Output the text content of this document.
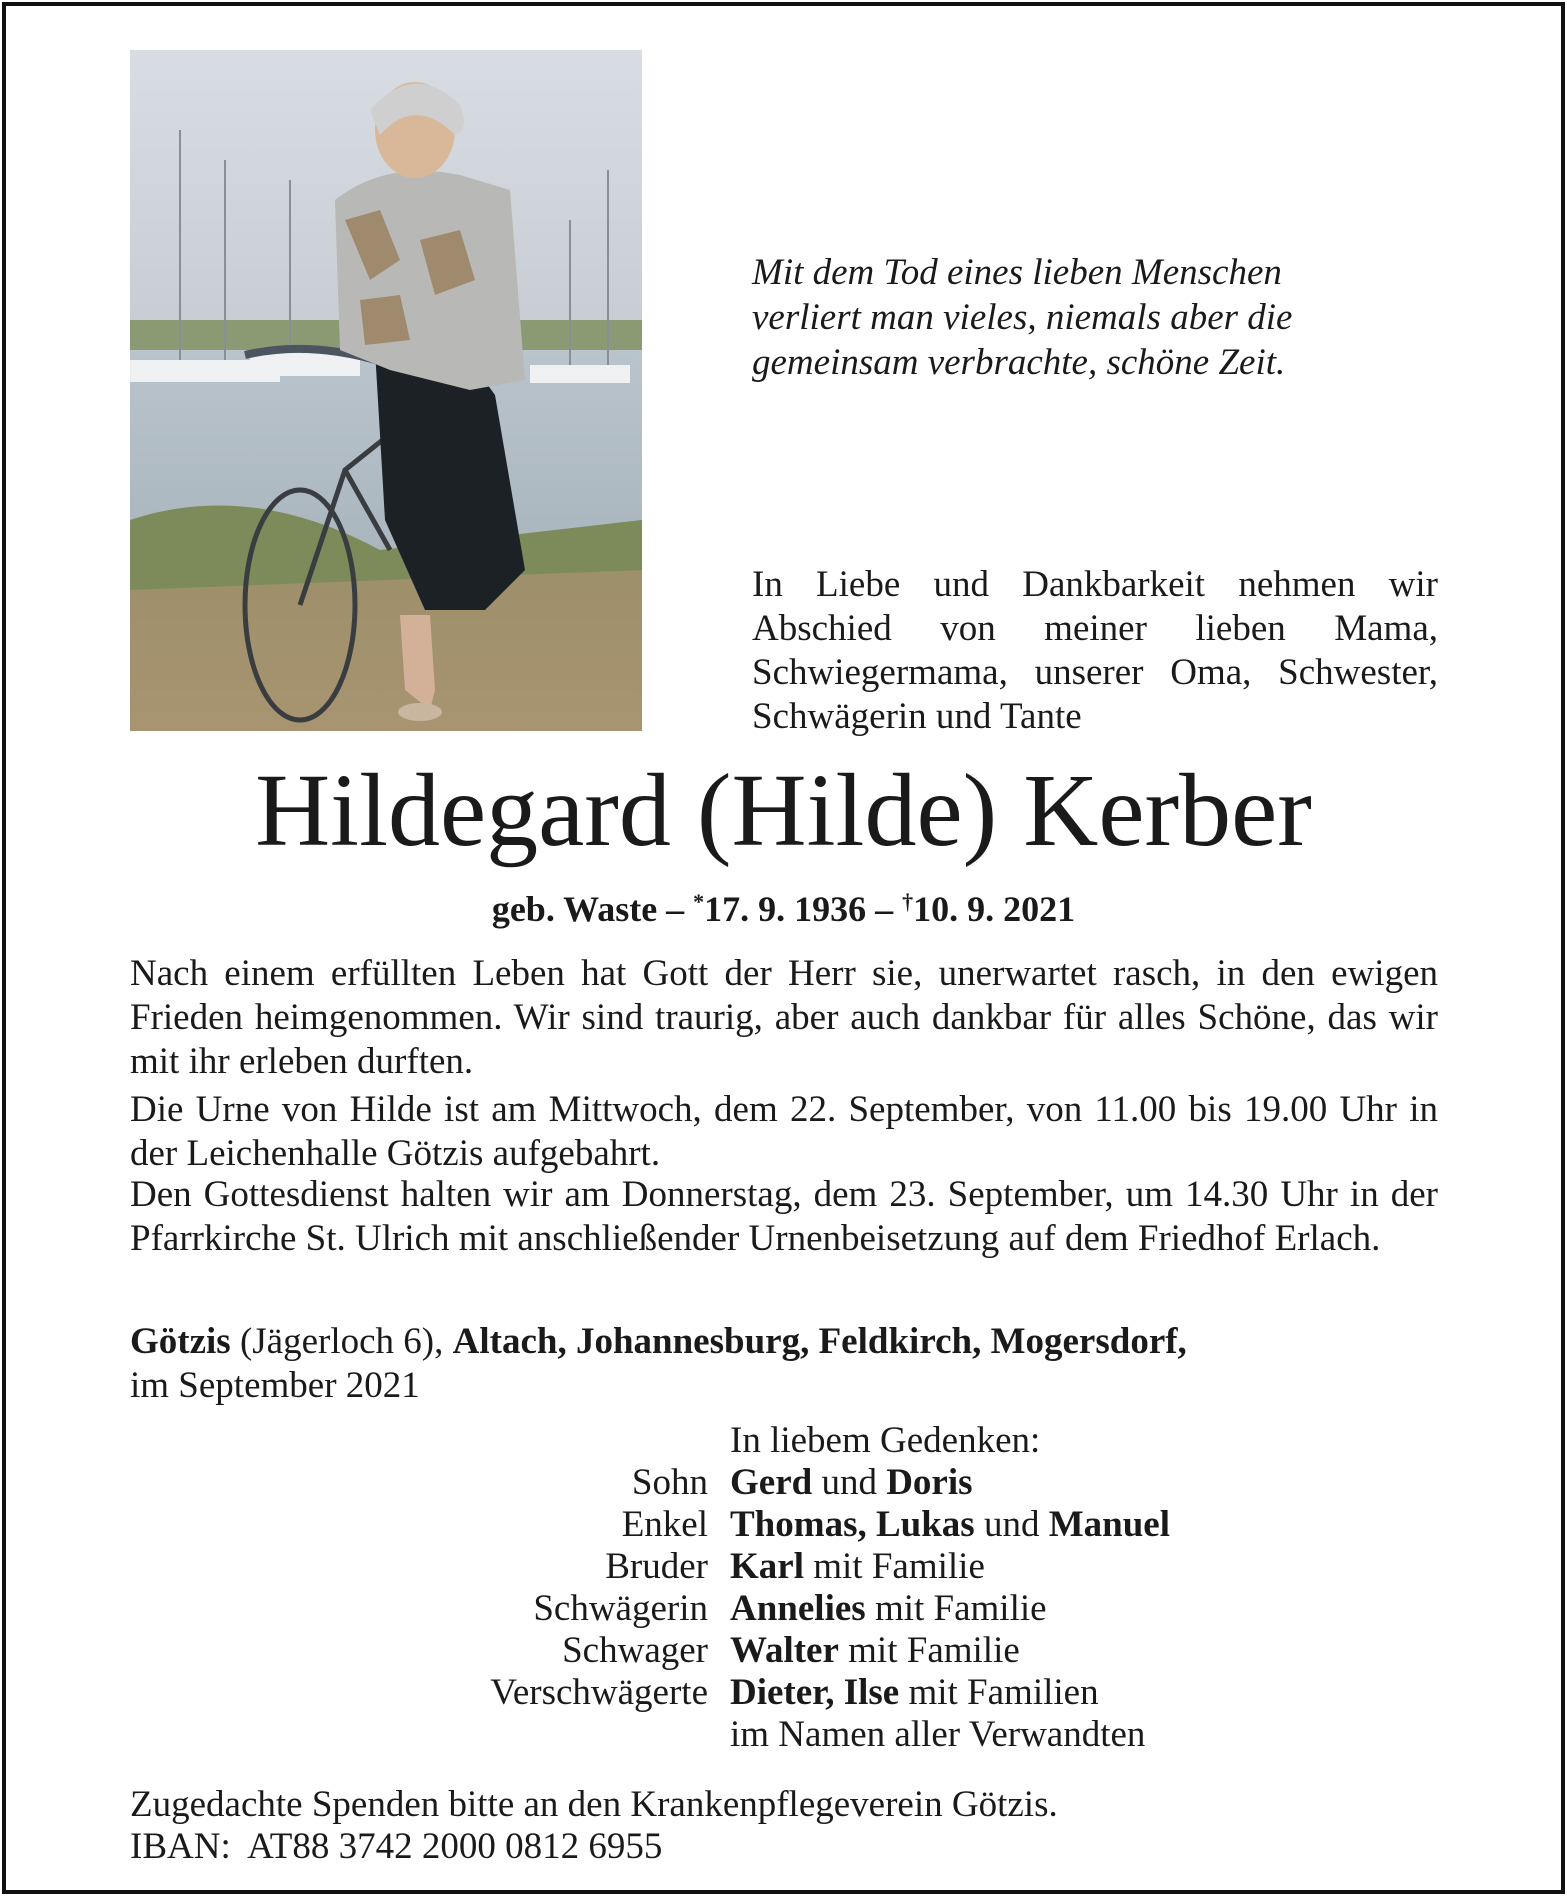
Mit dem Tod eines lieben Menschen
verliert man vieles, niemals aber die
gemeinsam verbrachte, schöne Zeit.
In Liebe und Dankbarkeit nehmen wir Abschied von meiner lieben Mama, Schwiegermama, unserer Oma, Schwester, Schwägerin und Tante
Hildegard (Hilde) Kerber
geb. Waste – *17. 9. 1936 – †10. 9. 2021

Nach einem erfüllten Leben hat Gott der Herr sie, unerwartet rasch, in den ewigen Frieden heimgenommen. Wir sind traurig, aber auch dankbar für alles Schöne, das wir mit ihr erleben durften.

Die Urne von Hilde ist am Mittwoch, dem 22. September, von 11.00 bis 19.00 Uhr in der Leichenhalle Götzis aufgebahrt.

Den Gottesdienst halten wir am Donnerstag, dem 23. September, um 14.30 Uhr in der Pfarrkirche St. Ulrich mit anschließender Urnenbeisetzung auf dem Friedhof Erlach.

Götzis (Jägerloch 6), Altach, Johannesburg, Feldkirch, Mogersdorf,
im September 2021
In liebem Gedenken:
Sohn Gerd und Doris
Enkel Thomas, Lukas und Manuel
Bruder Karl mit Familie
Schwägerin Annelies mit Familie
Schwager Walter mit Familie
Verschwägerte Dieter, Ilse mit Familien
im Namen aller Verwandten
Zugedachte Spenden bitte an den Krankenpflegeverein Götzis.
IBAN:  AT88 3742 2000 0812 6955
